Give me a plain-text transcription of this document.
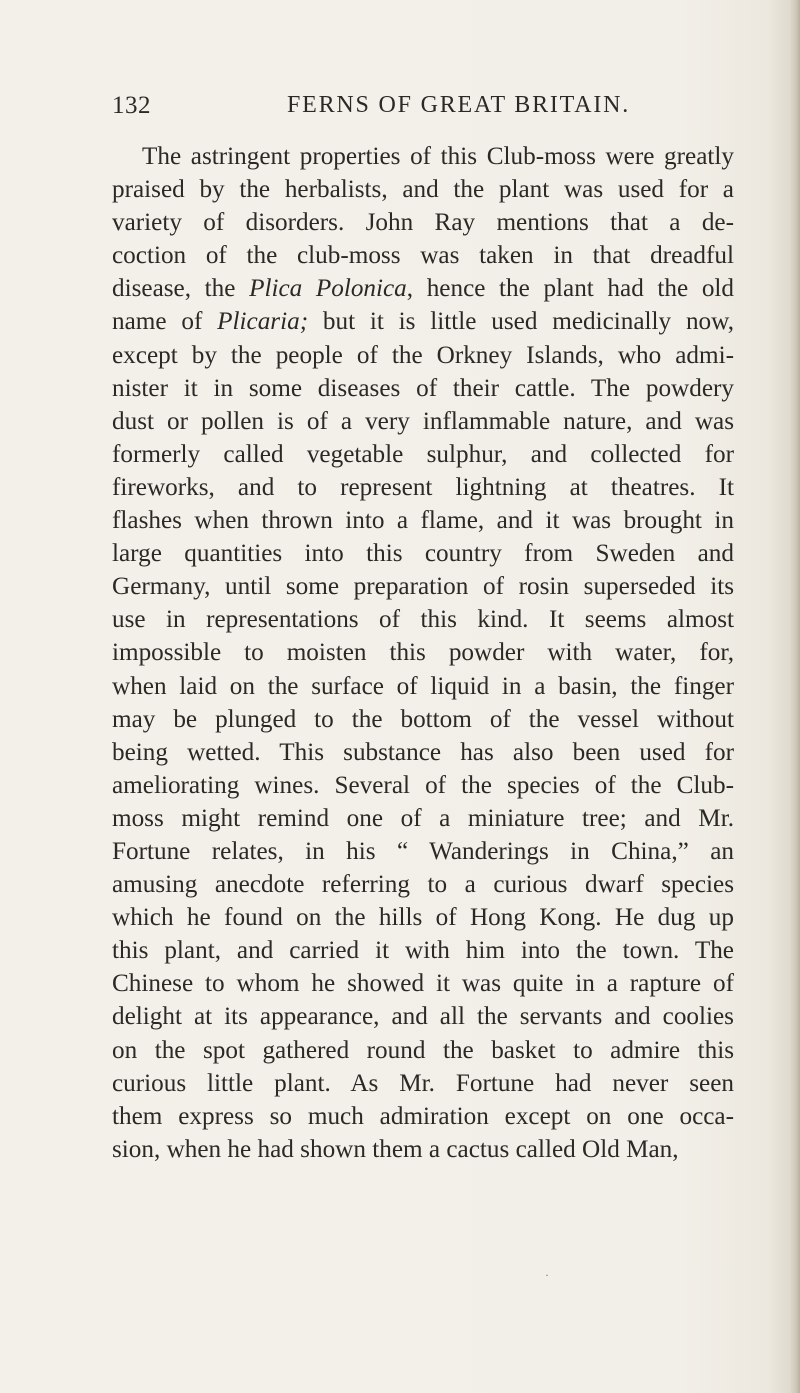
132	FERNS OF GREAT BRITAIN.
The astringent properties of this Club-moss were greatly
praised by the herbalists, and the plant was used for a
variety of disorders. John Ray mentions that a de-
coction of the club-moss was taken in that dreadful
disease, the Plica Polonica, hence the plant had the old
name of Plicaria; but it is little used medicinally now,
except by the people of the Orkney Islands, who admi-
nister it in some diseases of their cattle. The powdery
dust or pollen is of a very inflammable nature, and was
formerly called vegetable sulphur, and collected for
fireworks, and to represent lightning at theatres. It
flashes when thrown into a flame, and it was brought in
large quantities into this country from Sweden and
Germany, until some preparation of rosin superseded its
use in representations of this kind. It seems almost
impossible to moisten this powder with water, for,
when laid on the surface of liquid in a basin, the finger
may be plunged to the bottom of the vessel without
being wetted. This substance has also been used for
ameliorating wines. Several of the species of the Club-
moss might remind one of a miniature tree; and Mr.
Fortune relates, in his “ Wanderings in China,” an
amusing anecdote referring to a curious dwarf species
which he found on the hills of Hong Kong. He dug up
this plant, and carried it with him into the town. The
Chinese to whom he showed it was quite in a rapture of
delight at its appearance, and all the servants and coolies
on the spot gathered round the basket to admire this
curious little plant. As Mr. Fortune had never seen
them express so much admiration except on one occa-
sion, when he had shown them a cactus called Old Man,
·
